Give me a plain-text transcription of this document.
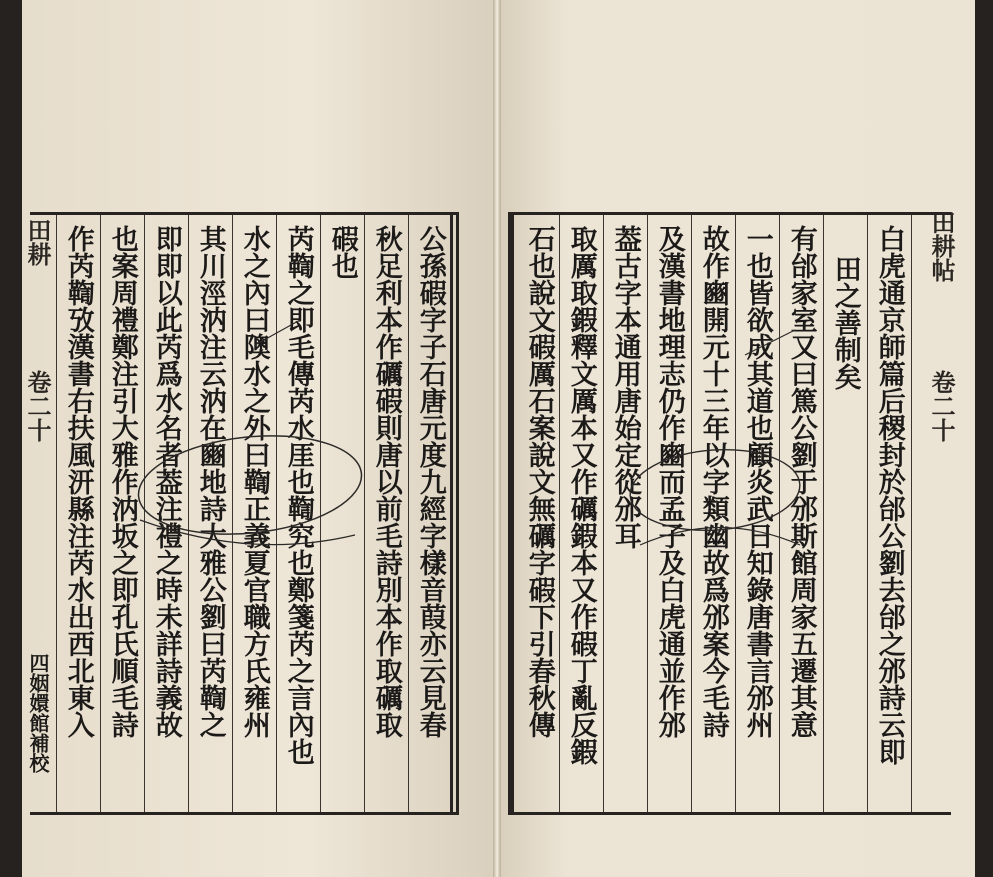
田耕
卷二十
田耕帖
卷二十
四姻嬛館補校 作芮鞫攷漢書右扶風汧縣注芮水出西北東入 也案周禮鄭注引大雅作汭坂之即孔氏順毛詩 即即以此芮爲水名者葢注禮之時未詳詩義故 其川涇汭注云汭在豳地詩大雅公劉曰芮鞫之 水之內曰隩水之外曰鞫正義夏官職方氏雍州 芮鞫之即毛傳芮水厓也鞫究也鄭箋芮之言內也 碬也 秋足利本作礪碬則唐以前毛詩別本作取礪取 公孫碬字子石唐元度九經字樣音葭亦云見春	石也說文碬厲石案說文無礪字碬下引春秋傳 取厲取鍜釋文厲本又作礪鍜本又作碬丁亂反鍜 葢古字本通用唐始定從邠耳 及漢書地理志仍作豳而孟子及白虎通並作邠 故作豳開元十三年以字類幽故爲邠案今毛詩 一也皆欲成其道也顧炎武日知錄唐書言邠州 有邰家室又曰篤公劉于邠斯館周家五遷其意 田之善制矣 白虎通京師篇后稷封於邰公劉去邰之邠詩云即
